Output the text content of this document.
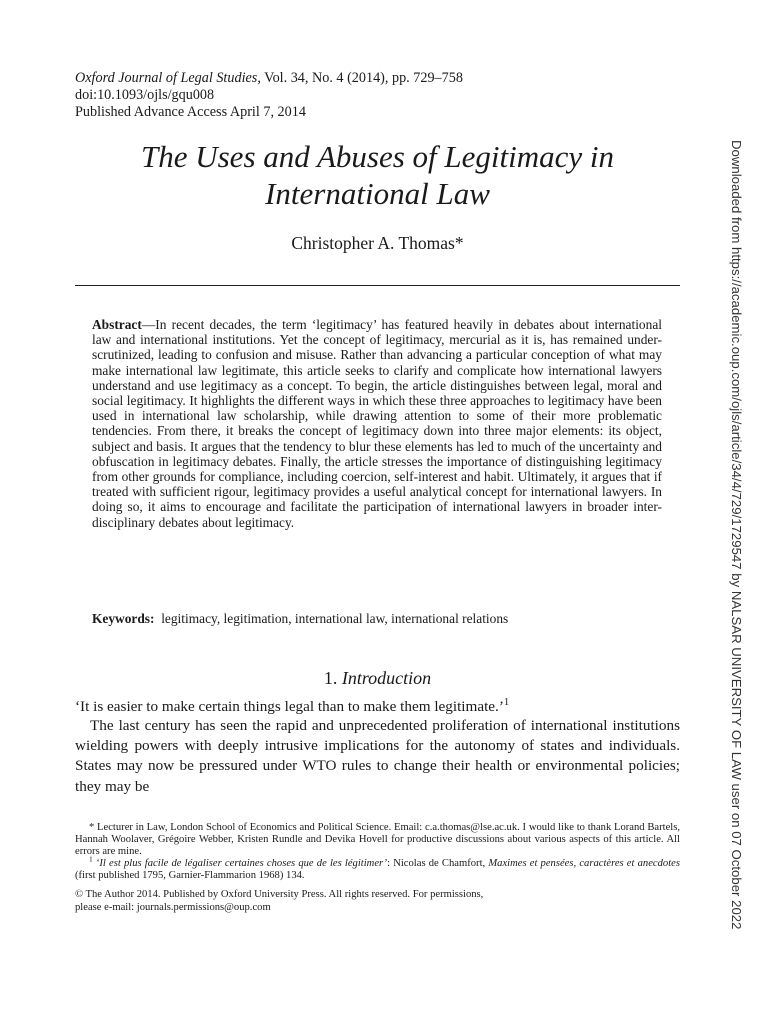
Oxford Journal of Legal Studies, Vol. 34, No. 4 (2014), pp. 729–758
doi:10.1093/ojls/gqu008
Published Advance Access April 7, 2014
The Uses and Abuses of Legitimacy in International Law
Christopher A. Thomas*
Abstract—In recent decades, the term ‘legitimacy’ has featured heavily in debates about international law and international institutions. Yet the concept of legitimacy, mercurial as it is, has remained under-scrutinized, leading to confusion and misuse. Rather than advancing a particular conception of what may make international law legitimate, this article seeks to clarify and complicate how international lawyers understand and use legitimacy as a concept. To begin, the article distinguishes between legal, moral and social legitimacy. It highlights the different ways in which these three approaches to legitimacy have been used in international law scholarship, while drawing attention to some of their more problematic tendencies. From there, it breaks the concept of legitimacy down into three major elements: its object, subject and basis. It argues that the tendency to blur these elements has led to much of the uncertainty and obfuscation in legitimacy debates. Finally, the article stresses the importance of distinguishing legitimacy from other grounds for compliance, including coercion, self-interest and habit. Ultimately, it argues that if treated with sufficient rigour, legitimacy provides a useful analytical concept for international lawyers. In doing so, it aims to encourage and facilitate the participation of international lawyers in broader inter-disciplinary debates about legitimacy.
Keywords: legitimacy, legitimation, international law, international relations
1. Introduction
‘It is easier to make certain things legal than to make them legitimate.’$^1$
The last century has seen the rapid and unprecedented proliferation of international institutions wielding powers with deeply intrusive implications for the autonomy of states and individuals. States may now be pressured under WTO rules to change their health or environmental policies; they may be

* Lecturer in Law, London School of Economics and Political Science. Email: c.a.thomas@lse.ac.uk. I would like to thank Lorand Bartels, Hannah Woolaver, Grégoire Webber, Kristen Rundle and Devika Hovell for productive discussions about various aspects of this article. All errors are mine.

$^1$ ‘Il est plus facile de légaliser certaines choses que de les légitimer’: Nicolas de Chamfort, Maximes et pensées, caractères et anecdotes (first published 1795, Garnier-Flammarion 1968) 134.

© The Author 2014. Published by Oxford University Press. All rights reserved. For permissions,
please e-mail: journals.permissions@oup.com	Downloaded from https://academic.oup.com/ojls/article/34/4/729/1729547 by NALSAR UNIVERSITY OF LAW user on 07 October 2022
